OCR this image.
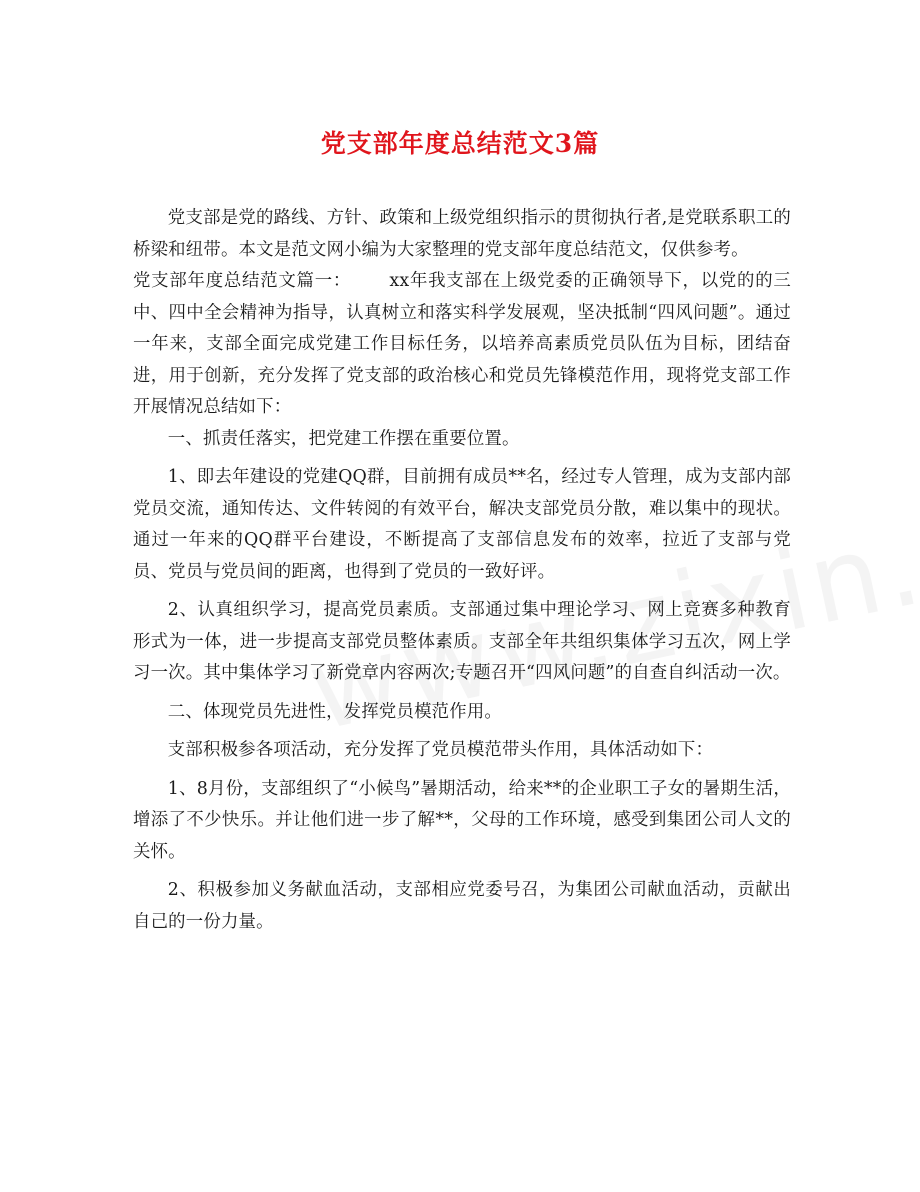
党支部年度总结范文3篇

党支部是党的路线、方针、政策和上级党组织指示的贯彻执行者,是党联系职工的桥梁和纽带。本文是范文网小编为大家整理的党支部年度总结范文，仅供参考。

党支部年度总结范文篇一： xx年我支部在上级党委的正确领导下，以党的的三中、四中全会精神为指导，认真树立和落实科学发展观，坚决抵制“四风问题”。通过一年来，支部全面完成党建工作目标任务，以培养高素质党员队伍为目标，团结奋进，用于创新，充分发挥了党支部的政治核心和党员先锋模范作用，现将党支部工作开展情况总结如下：

一、抓责任落实，把党建工作摆在重要位置。

1、即去年建设的党建QQ群，目前拥有成员**名，经过专人管理，成为支部内部党员交流，通知传达、文件转阅的有效平台，解决支部党员分散，难以集中的现状。通过一年来的QQ群平台建设，不断提高了支部信息发布的效率，拉近了支部与党员、党员与党员间的距离，也得到了党员的一致好评。

2、认真组织学习，提高党员素质。支部通过集中理论学习、网上竞赛多种教育形式为一体，进一步提高支部党员整体素质。支部全年共组织集体学习五次，网上学习一次。其中集体学习了新党章内容两次;专题召开“四风问题”的自查自纠活动一次。

二、体现党员先进性，发挥党员模范作用。

支部积极参各项活动，充分发挥了党员模范带头作用，具体活动如下：

1、8月份，支部组织了“小候鸟”暑期活动，给来**的企业职工子女的暑期生活，增添了不少快乐。并让他们进一步了解**，父母的工作环境，感受到集团公司人文的关怀。

2、积极参加义务献血活动，支部相应党委号召，为集团公司献血活动，贡献出自己的一份力量。
